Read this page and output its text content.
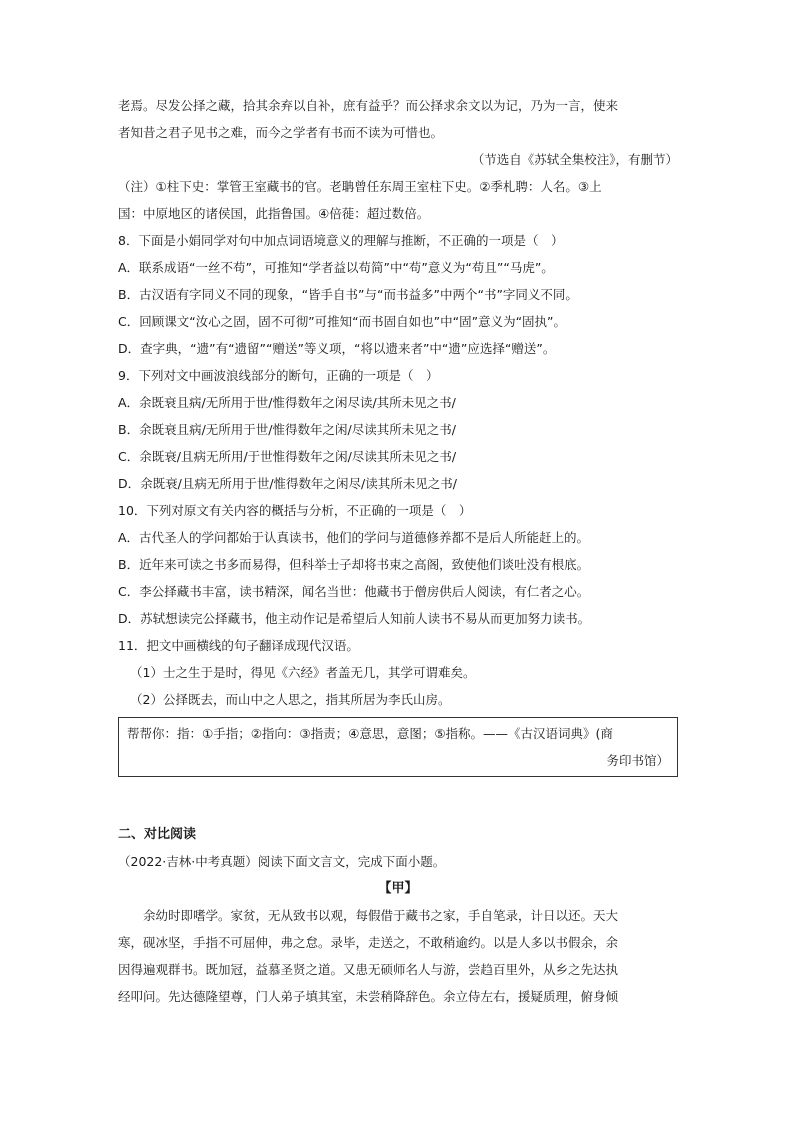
老焉。尽发公择之藏，拾其余弃以自补，庶有益乎？而公择求余文以为记，乃为一言，使来
者知昔之君子见书之难，而今之学者有书而不读为可惜也。
（节选自《苏轼全集校注》，有删节）
（注）①柱下史：掌管王室藏书的官。老聃曾任东周王室柱下史。②季札聘：人名。③上
国：中原地区的诸侯国，此指鲁国。④倍蓰：超过数倍。
8．下面是小娟同学对句中加点词语境意义的理解与推断，不正确的一项是（　）
A．联系成语“一丝不苟”，可推知“学者益以苟简”中“苟”意义为“苟且”“马虎”。
B．古汉语有字同义不同的现象，“皆手自书”与“而书益多”中两个“书”字同义不同。
C．回顾课文“汝心之固，固不可彻”可推知“而书固自如也”中“固”意义为“固执”。
D．查字典，“遗”有“遗留”“赠送”等义项，“将以遗来者”中“遗”应选择“赠送”。
9．下列对文中画波浪线部分的断句，正确的一项是（　）
A．余既衰且病/无所用于世/惟得数年之闲尽读/其所未见之书/
B．余既衰且病/无所用于世/惟得数年之闲/尽读其所未见之书/
C．余既衰/且病无所用/于世惟得数年之闲/尽读其所未见之书/
D．余既衰/且病无所用于世/惟得数年之闲尽/读其所未见之书/
10．下列对原文有关内容的概括与分析，不正确的一项是（　）
A．古代圣人的学问都始于认真读书，他们的学问与道德修养都不是后人所能赶上的。
B．近年来可读之书多而易得，但科举士子却将书束之高阁，致使他们谈吐没有根底。
C．李公择藏书丰富，读书精深，闻名当世：他藏书于僧房供后人阅读，有仁者之心。
D．苏轼想读完公择藏书，他主动作记是希望后人知前人读书不易从而更加努力读书。
11．把文中画横线的句子翻译成现代汉语。
（1）士之生于是时，得见《六经》者盖无几，其学可谓难矣。
（2）公择既去，而山中之人思之，指其所居为李氏山房。
帮帮你：指：①手指；②指向：③指责；④意思，意图；⑤指称。——《古汉语词典》(商
务印书馆）
二、对比阅读
（2022·吉林·中考真题）阅读下面文言文，完成下面小题。
【甲】
余幼时即嗜学。家贫，无从致书以观，每假借于藏书之家，手自笔录，计日以还。天大
寒，砚冰坚，手指不可屈伸，弗之怠。录毕，走送之，不敢稍逾约。以是人多以书假余，余
因得遍观群书。既加冠，益慕圣贤之道。又患无硕师名人与游，尝趋百里外，从乡之先达执
经叩问。先达德隆望尊，门人弟子填其室，未尝稍降辞色。余立侍左右，援疑质理，俯身倾
